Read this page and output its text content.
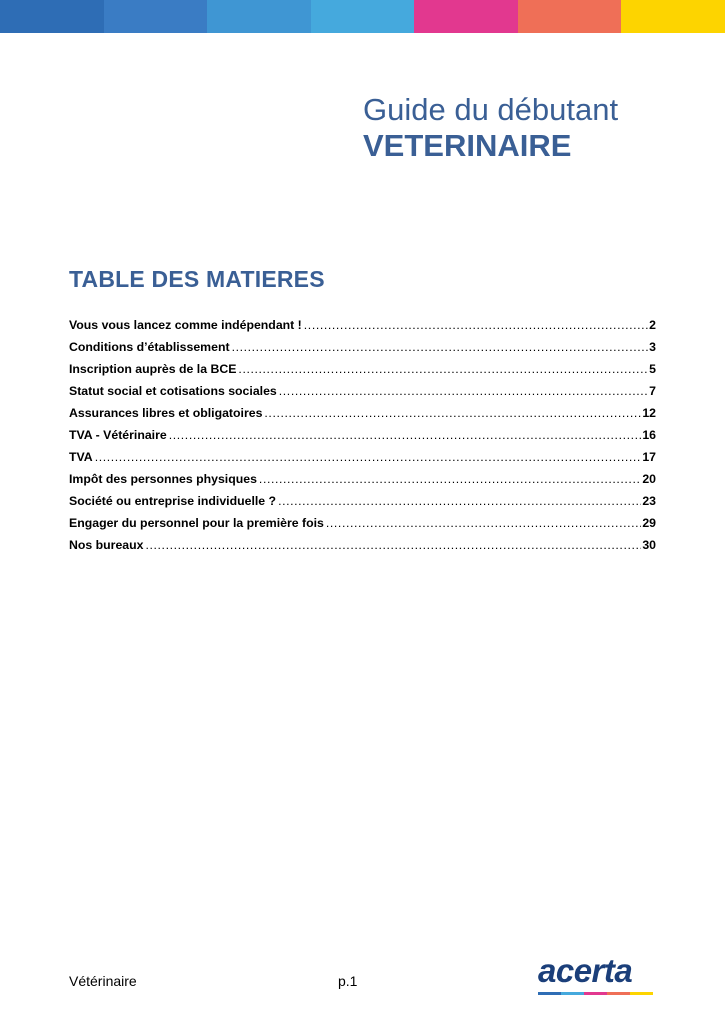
Guide du débutant
VETERINAIRE
TABLE DES MATIERES
Vous vous lancez comme indépendant ! .....	2
Conditions d’établissement .....	3
Inscription auprès de la BCE .....	5
Statut social et cotisations sociales .....	7
Assurances libres et obligatoires .....	12
TVA - Vétérinaire .....	16
TVA .....	17
Impôt des personnes physiques .....	20
Société ou entreprise individuelle ? .....	23
Engager du personnel pour la première fois .....	29
Nos bureaux .....	30
Vétérinaire	p.1	acerta
